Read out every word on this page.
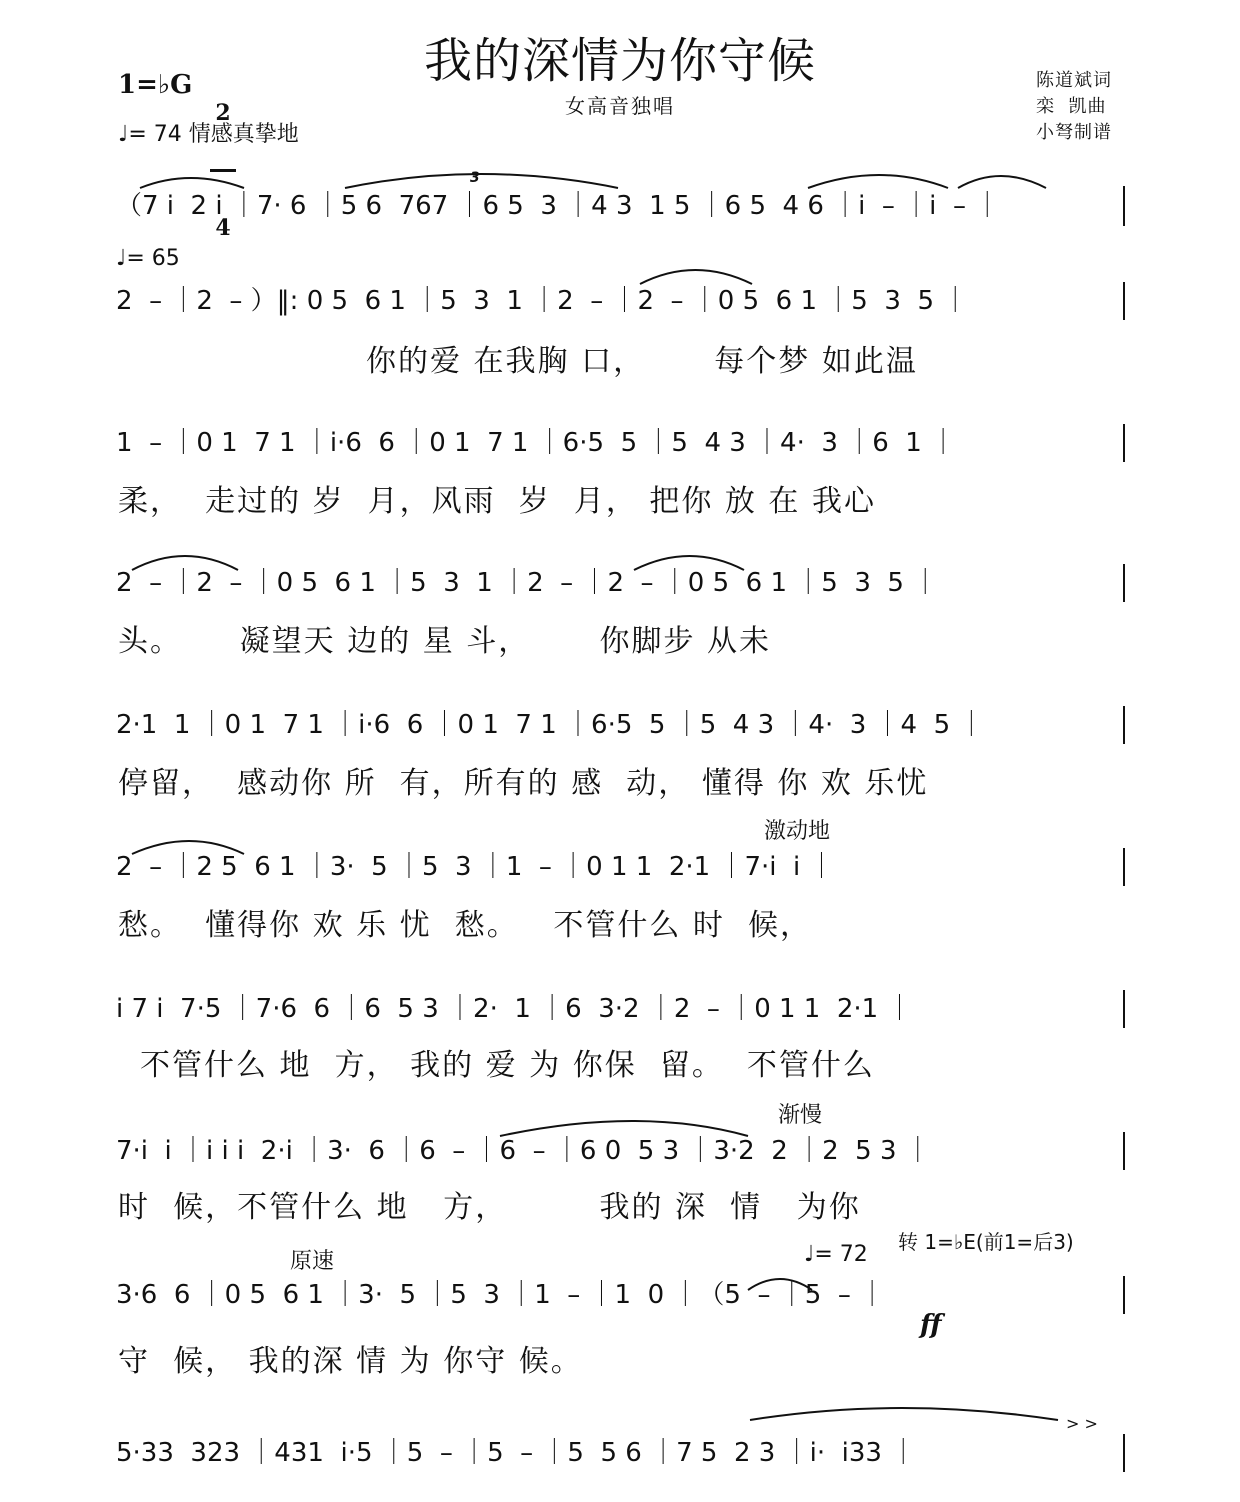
我的深情为你守候
女高音独唱
1=♭G

2

4

♩= 74 情感真挚地
陈道斌词
栾  凯曲
小弩制谱
（7 i  2 i ｜7· 6 ｜5 6  767 ｜6 5  3 ｜4 3  1 5 ｜6 5  4 6 ｜i  – ｜i  – ｜
2  – ｜2  – ）‖: 0 5  6 1 ｜5  3  1 ｜2  – ｜2  – ｜0 5  6 1 ｜5  3  5 ｜
你的爱 在我胸 口，      每个梦 如此温
1  – ｜0 1  7 1 ｜i·6  6 ｜0 1  7 1 ｜6·5  5 ｜5  4 3 ｜4·  3 ｜6  1 ｜
柔，  走过的 岁  月，风雨  岁  月， 把你 放 在 我心
2  – ｜2  – ｜0 5  6 1 ｜5  3  1 ｜2  – ｜2  – ｜0 5  6 1 ｜5  3  5 ｜
头。     凝望天 边的 星 斗，      你脚步 从未
2·1  1 ｜0 1  7 1 ｜i·6  6 ｜0 1  7 1 ｜6·5  5 ｜5  4 3 ｜4·  3 ｜4  5 ｜
停留，  感动你 所  有，所有的 感  动， 懂得 你 欢 乐忧
2  – ｜2 5  6 1 ｜3·  5 ｜5  3 ｜1  – ｜0 1 1  2·1 ｜7·i  i ｜
愁。  懂得你 欢 乐 忧  愁。   不管什么 时  候，
i 7 i  7·5 ｜7·6  6 ｜6  5 3 ｜2·  1 ｜6  3·2 ｜2  – ｜0 1 1  2·1 ｜
不管什么 地  方， 我的 爱 为 你保  留。  不管什么
7·i  i ｜i i i  2·i ｜3·  6 ｜6  – ｜6  – ｜6 0  5 3 ｜3·2  2 ｜2  5 3 ｜
时  候，不管什么 地   方，        我的 深  情   为你
3·6  6 ｜0 5  6 1 ｜3·  5 ｜5  3 ｜1  – ｜1  0 ｜（5  – ｜5  – ｜
守  候， 我的深 情 为 你守 候。
5·33  323 ｜431  i·5 ｜5  – ｜5  – ｜5  5 6 ｜7 5  2 3 ｜i·  i33 ｜
♩= 65
激动地
渐慢
原速	♩= 72 转 1=♭E(前1=后3)
ff
3
> >
